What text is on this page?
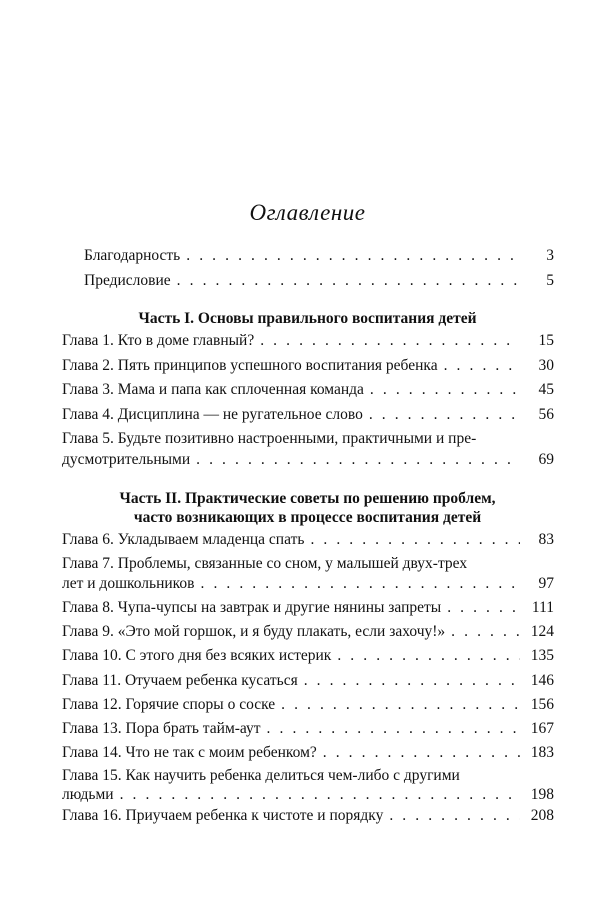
Оглавление
Благодарность . . .	3
Предисловие . . .	5
Часть I. Основы правильного воспитания детей
Глава 1. Кто в доме главный? . . .	15
Глава 2. Пять принципов успешного воспитания ребенка . . .	30
Глава 3. Мама и папа как сплоченная команда . . .	45
Глава 4. Дисциплина — не ругательное слово . . .	56
Глава 5. Будьте позитивно настроенными, практичными и пре-
дусмотрительными . . .	69
Часть II. Практические советы по решению проблем,
часто возникающих в процессе воспитания детей
Глава 6. Укладываем младенца спать . . .	83
Глава 7. Проблемы, связанные со сном, у малышей двух-трех
лет и дошкольников . . .	97
Глава 8. Чупа-чупсы на завтрак и другие нянины запреты . . .	111
Глава 9. «Это мой горшок, и я буду плакать, если захочу!» . . .	124
Глава 10. С этого дня без всяких истерик . . .	135
Глава 11. Отучаем ребенка кусаться . . .	146
Глава 12. Горячие споры о соске . . .	156
Глава 13. Пора брать тайм-аут . . .	167
Глава 14. Что не так с моим ребенком? . . .	183
Глава 15. Как научить ребенка делиться чем-либо с другими
людьми . . .	198
Глава 16. Приучаем ребенка к чистоте и порядку . . .	208
